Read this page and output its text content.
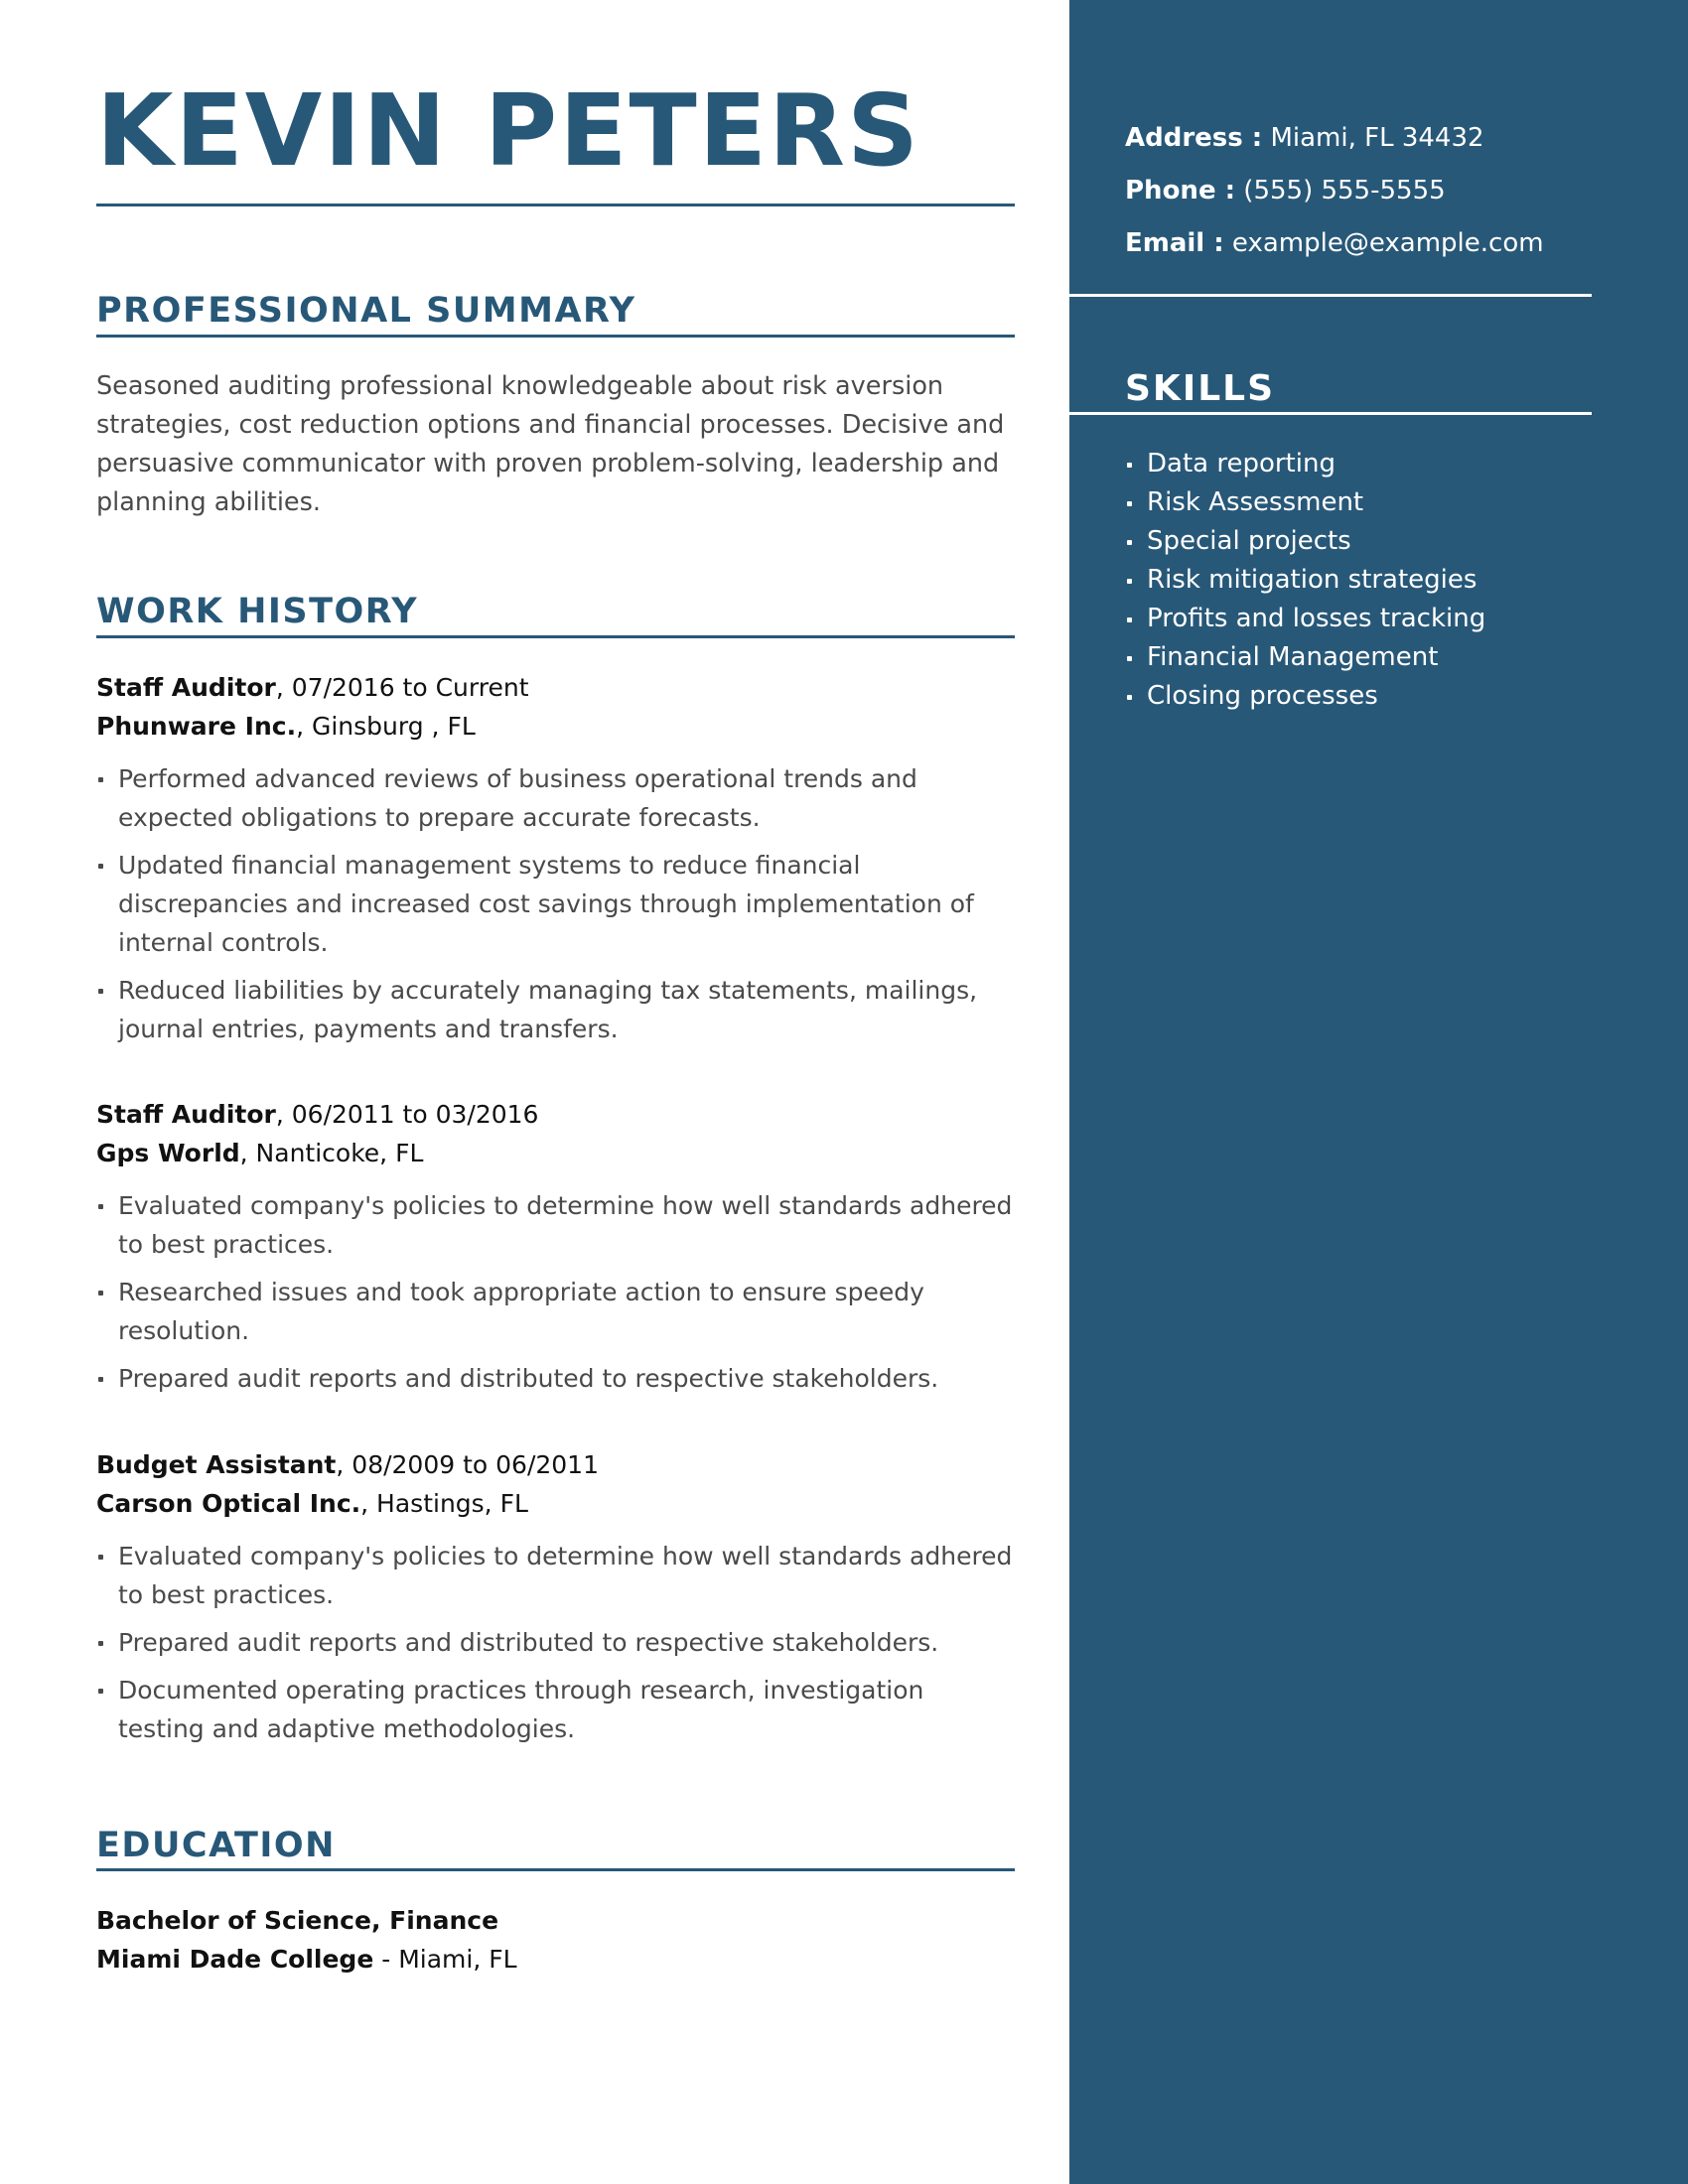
KEVIN PETERS
PROFESSIONAL SUMMARY

Seasoned auditing professional knowledgeable about risk aversion strategies, cost reduction options and financial processes. Decisive and persuasive communicator with proven problem-solving, leadership and planning abilities.

WORK HISTORY
Staff Auditor, 07/2016 to Current
Phunware Inc., Ginsburg , FL
Performed advanced reviews of business operational trends and expected obligations to prepare accurate forecasts.
Updated financial management systems to reduce financial discrepancies and increased cost savings through implementation of internal controls.
Reduced liabilities by accurately managing tax statements, mailings, journal entries, payments and transfers.
Staff Auditor, 06/2011 to 03/2016
Gps World, Nanticoke, FL
Evaluated company's policies to determine how well standards adhered to best practices.
Researched issues and took appropriate action to ensure speedy resolution.
Prepared audit reports and distributed to respective stakeholders.
Budget Assistant, 08/2009 to 06/2011
Carson Optical Inc., Hastings, FL
Evaluated company's policies to determine how well standards adhered to best practices.
Prepared audit reports and distributed to respective stakeholders.
Documented operating practices through research, investigation testing and adaptive methodologies.
EDUCATION
Bachelor of Science, Finance
Miami Dade College - Miami, FL
Address : Miami, FL 34432
Phone : (555) 555-5555
Email : example@example.com
SKILLS
Data reporting
Risk Assessment
Special projects
Risk mitigation strategies
Profits and losses tracking
Financial Management
Closing processes
